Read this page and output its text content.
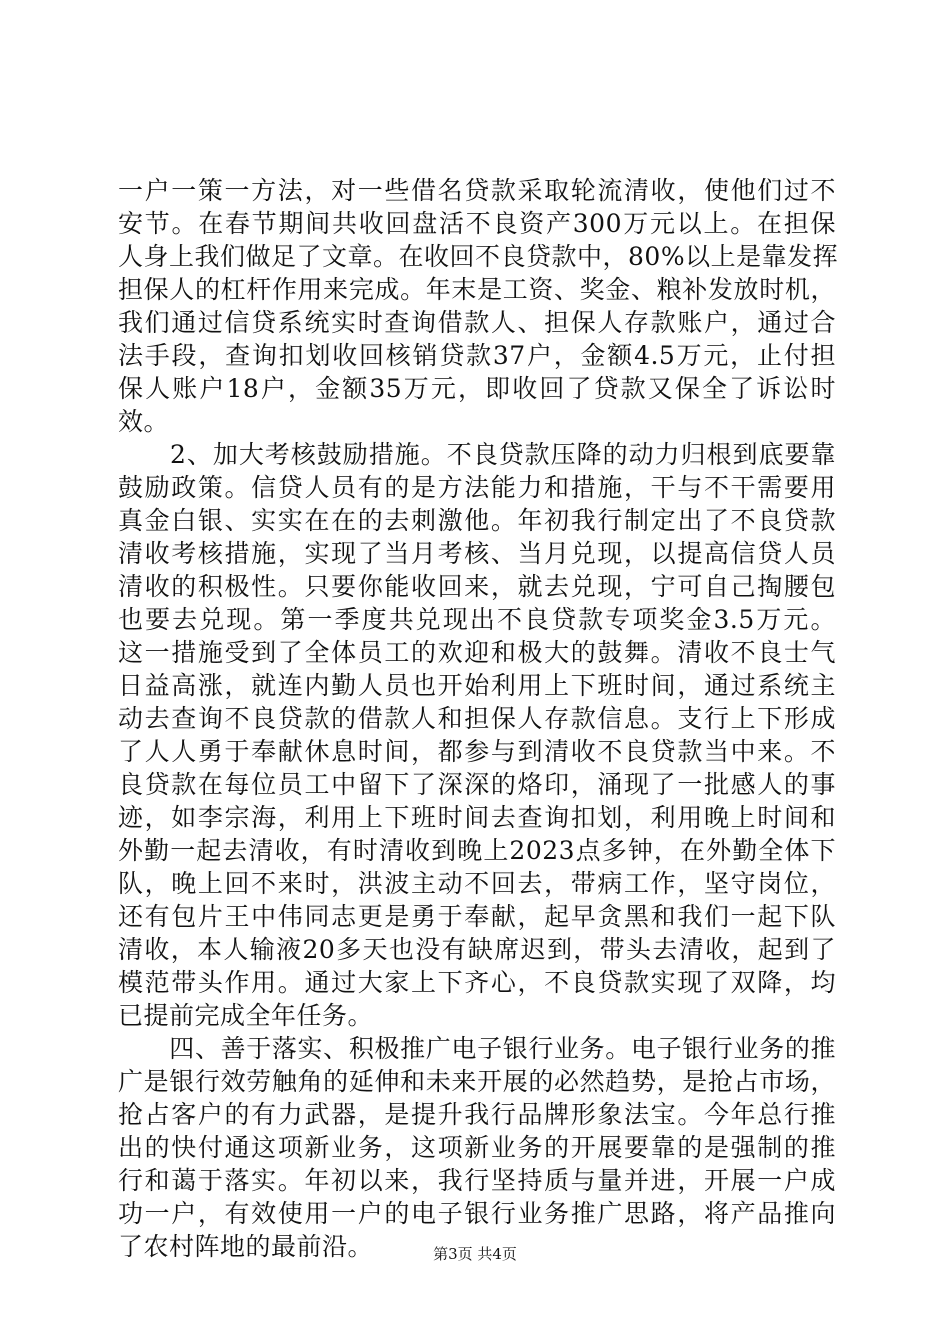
一户一策一方法，对一些借名贷款采取轮流清收，使他们过不
安节。在春节期间共收回盘活不良资产300万元以上。在担保
人身上我们做足了文章。在收回不良贷款中，80%以上是靠发挥
担保人的杠杆作用来完成。年末是工资、奖金、粮补发放时机，
我们通过信贷系统实时查询借款人、担保人存款账户，通过合
法手段，查询扣划收回核销贷款37户，金额4.5万元，止付担
保人账户18户，金额35万元，即收回了贷款又保全了诉讼时
效。
　　2、加大考核鼓励措施。不良贷款压降的动力归根到底要靠
鼓励政策。信贷人员有的是方法能力和措施，干与不干需要用
真金白银、实实在在的去刺激他。年初我行制定出了不良贷款
清收考核措施，实现了当月考核、当月兑现，以提高信贷人员
清收的积极性。只要你能收回来，就去兑现，宁可自己掏腰包
也要去兑现。第一季度共兑现出不良贷款专项奖金3.5万元。
这一措施受到了全体员工的欢迎和极大的鼓舞。清收不良士气
日益高涨，就连内勤人员也开始利用上下班时间，通过系统主
动去查询不良贷款的借款人和担保人存款信息。支行上下形成
了人人勇于奉献休息时间，都参与到清收不良贷款当中来。不
良贷款在每位员工中留下了深深的烙印，涌现了一批感人的事
迹，如李宗海，利用上下班时间去查询扣划，利用晚上时间和
外勤一起去清收，有时清收到晚上2023点多钟，在外勤全体下
队，晚上回不来时，洪波主动不回去，带病工作，坚守岗位，
还有包片王中伟同志更是勇于奉献，起早贪黑和我们一起下队
清收，本人输液20多天也没有缺席迟到，带头去清收，起到了
模范带头作用。通过大家上下齐心，不良贷款实现了双降，均
已提前完成全年任务。
　　四、善于落实、积极推广电子银行业务。电子银行业务的推
广是银行效劳触角的延伸和未来开展的必然趋势，是抢占市场，
抢占客户的有力武器，是提升我行品牌形象法宝。今年总行推
出的快付通这项新业务，这项新业务的开展要靠的是强制的推
行和蔼于落实。年初以来，我行坚持质与量并进，开展一户成
功一户，有效使用一户的电子银行业务推广思路，将产品推向
了农村阵地的最前沿。	第3页 共4页
